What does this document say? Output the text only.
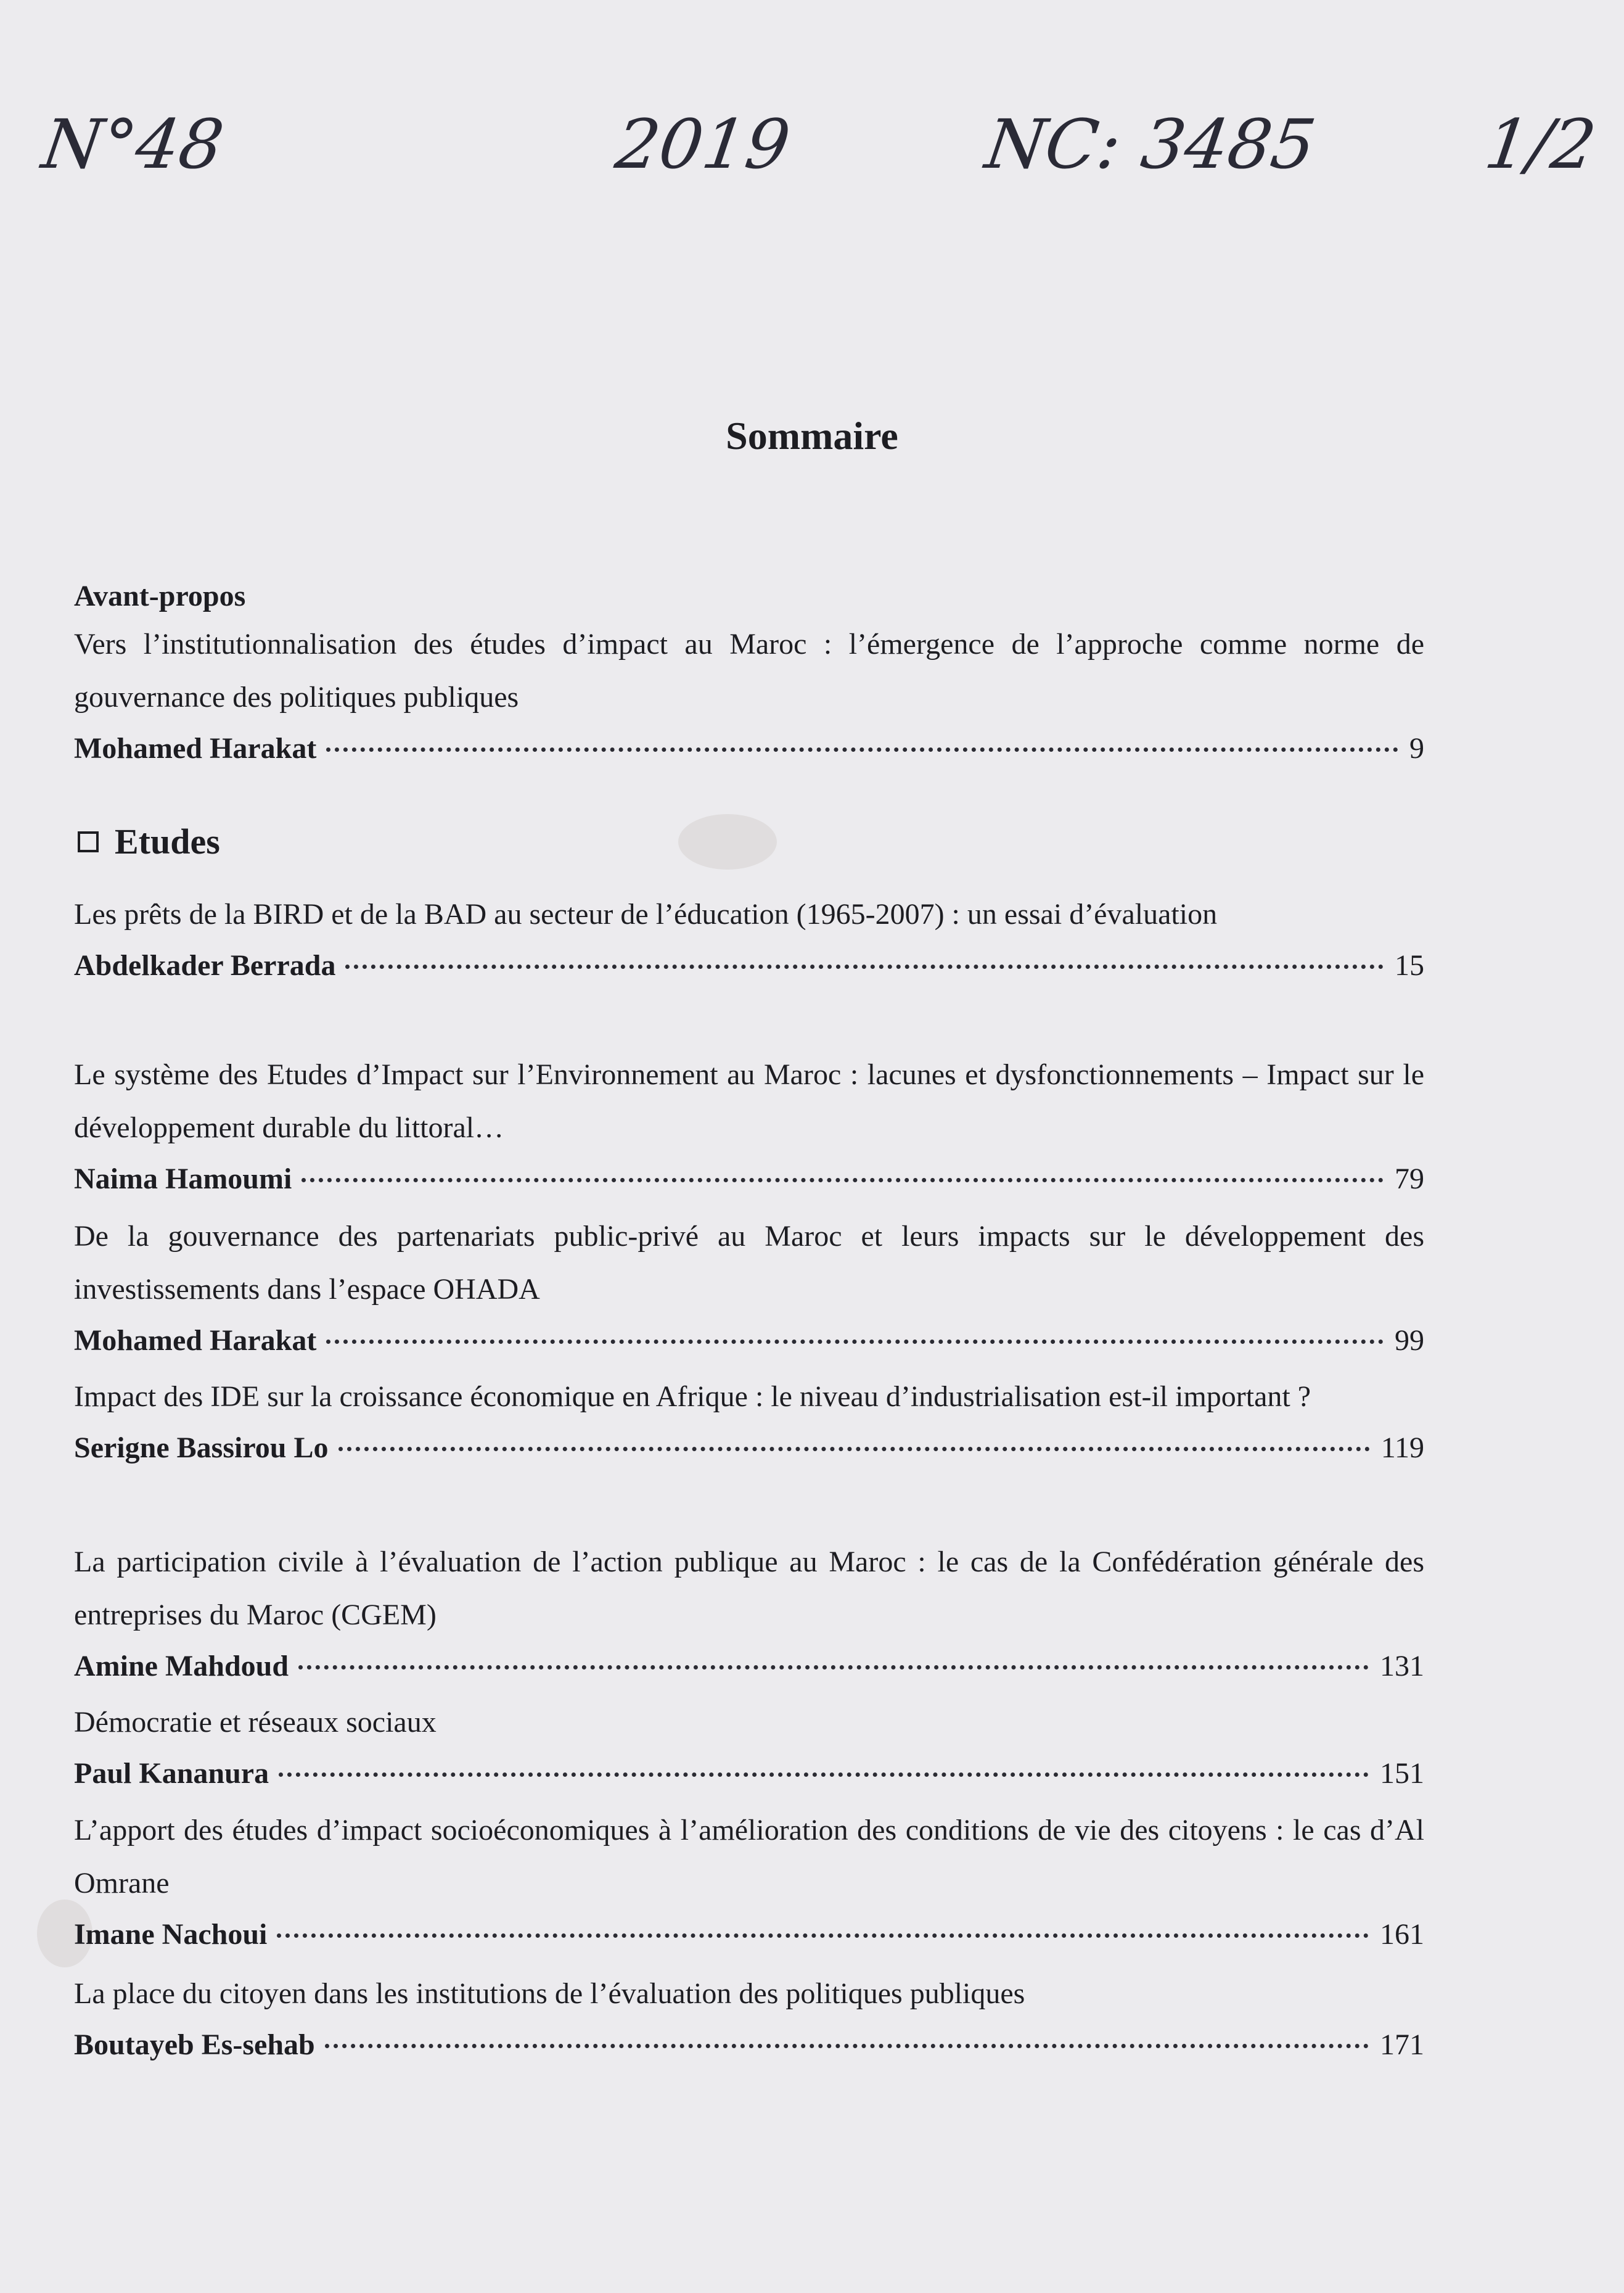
N°48	2019	NC: 3485 1/2
Sommaire
Avant-propos
Vers l’institutionnalisation des études d’impact au Maroc : l’émergence de l’approche comme norme de gouvernance des politiques publiques
Mohamed Harakat	9
Etudes
Les prêts de la BIRD et de la BAD au secteur de l’éducation (1965-2007) : un essai d’évaluation
Abdelkader Berrada	15
Le système des Etudes d’Impact sur l’Environnement au Maroc : lacunes et dysfonctionnements – Impact sur le développement durable du littoral…
Naima Hamoumi	79
De la gouvernance des partenariats public-privé au Maroc et leurs impacts sur le développement des investissements dans l’espace OHADA
Mohamed Harakat	99
Impact des IDE sur la croissance économique en Afrique : le niveau d’industrialisation est-il important ?
Serigne Bassirou Lo	119
La participation civile à l’évaluation de l’action publique au Maroc : le cas de la Confédération générale des entreprises du Maroc (CGEM)
Amine Mahdoud	131
Démocratie et réseaux sociaux
Paul Kananura	151
L’apport des études d’impact socioéconomiques à l’amélioration des conditions de vie des citoyens : le cas d’Al Omrane
Imane Nachoui	161
La place du citoyen dans les institutions de l’évaluation des politiques publiques
Boutayeb Es-sehab	171
